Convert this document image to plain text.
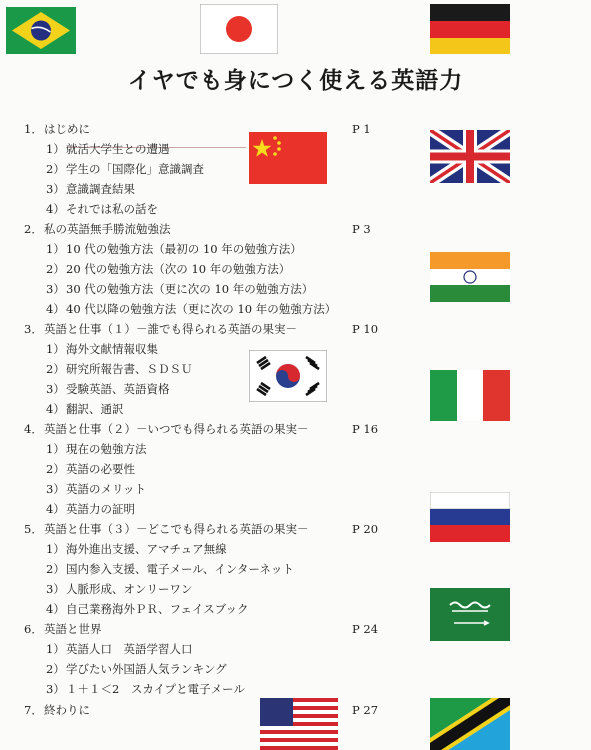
イヤでも身につく使える英語力
1． はじめに	P 1
1） 就活大学生との遭遇
2） 学生の「国際化」意識調査
3） 意識調査結果
4） それでは私の話を
2． 私の英語無手勝流勉強法	P 3
1） 10 代の勉強方法（最初の 10 年の勉強方法）
2） 20 代の勉強方法（次の 10 年の勉強方法）
3） 30 代の勉強方法（更に次の 10 年の勉強方法）
4） 40 代以降の勉強方法（更に次の 10 年の勉強方法）
3． 英語と仕事（１）－誰でも得られる英語の果実－	P 10
1） 海外文献情報収集
2） 研究所報告書、ＳＤＳＵ
3） 受験英語、英語資格
4） 翻訳、通訳
4． 英語と仕事（２）－いつでも得られる英語の果実－	P 16
1） 現在の勉強方法
2） 英語の必要性
3） 英語のメリット
4） 英語力の証明
5． 英語と仕事（３）－どこでも得られる英語の果実－	P 20
1） 海外進出支援、アマチュア無線
2） 国内参入支援、電子メール、インターネット
3） 人脈形成、オンリーワン
4） 自己業務海外ＰＲ、フェイスブック
6． 英語と世界	P 24
1） 英語人口　英語学習人口
2） 学びたい外国語人気ランキング
3） １＋１＜2　スカイプと電子メール
7． 終わりに	P 27
